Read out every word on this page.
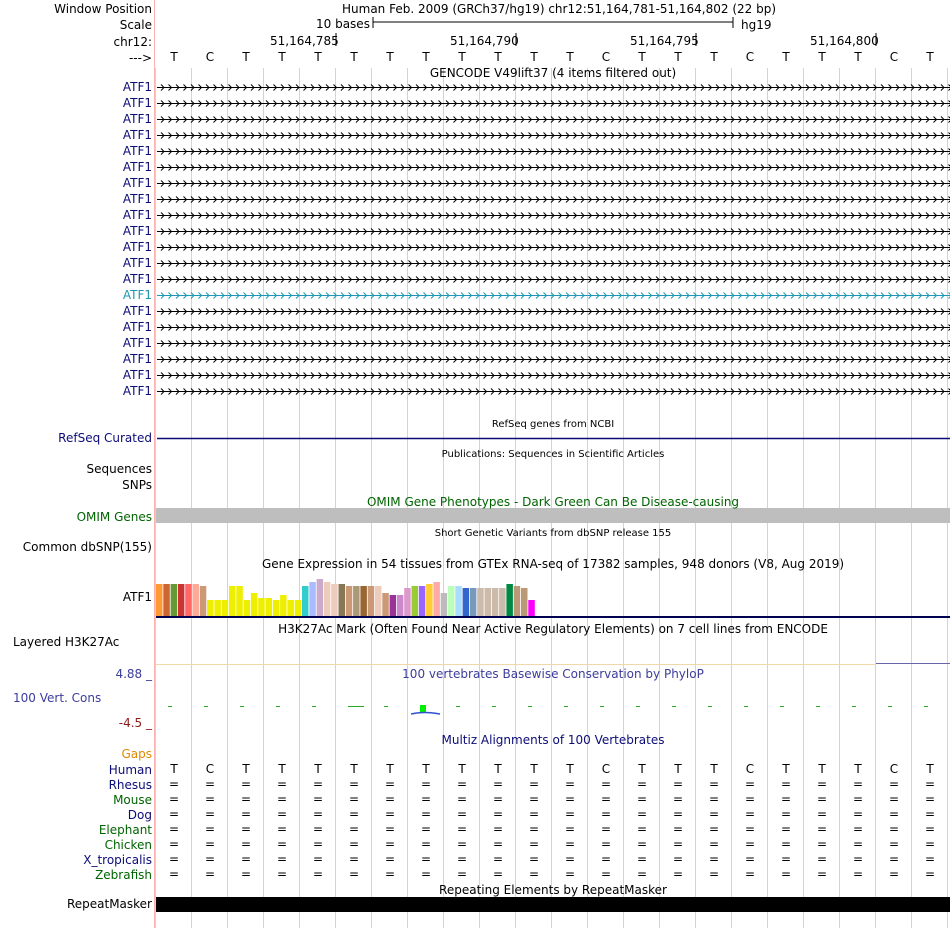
Window Position	Human Feb. 2009 (GRCh37/hg19) chr12:51,164,781-51,164,802 (22 bp)
Scale	10 bases	hg19
chr12:	51,164,785	51,164,790	51,164,795	51,164,800
--->
GENCODE V49lift37 (4 items filtered out)
RefSeq genes from NCBI
RefSeq Curated
Publications: Sequences in Scientific Articles
Sequences
SNPs
OMIM Gene Phenotypes - Dark Green Can Be Disease-causing
OMIM Genes
Short Genetic Variants from dbSNP release 155
Common dbSNP(155)
Gene Expression in 54 tissues from GTEx RNA-seq of 17382 samples, 948 donors (V8, Aug 2019)
ATF1
H3K27Ac Mark (Often Found Near Active Regulatory Elements) on 7 cell lines from ENCODE
Layered H3K27Ac
100 vertebrates Basewise Conservation by PhyloP
4.88 _
100 Vert. Cons
-4.5 _
Multiz Alignments of 100 Vertebrates
Gaps
Repeating Elements by RepeatMasker
RepeatMasker
T	C	T	T	T	T	T	T	T	T	T	T	C	T	T	T	C	T	T	T	C	T
ATF1
ATF1
ATF1
ATF1
ATF1
ATF1
ATF1
ATF1
ATF1
ATF1
ATF1
ATF1
ATF1
ATF1
ATF1
ATF1
ATF1
ATF1
ATF1
ATF1
Human	T	C	T	T	T	T	T	T	T	T	T	T	C	T	T	T	C	T	T	T	C	T
Rhesus	=	=	=	=	=	=	=	=	=	=	=	=	=	=	=	=	=	=	=	=	=	=
Mouse	=	=	=	=	=	=	=	=	=	=	=	=	=	=	=	=	=	=	=	=	=	=
Dog	=	=	=	=	=	=	=	=	=	=	=	=	=	=	=	=	=	=	=	=	=	=
Elephant	=	=	=	=	=	=	=	=	=	=	=	=	=	=	=	=	=	=	=	=	=	=
Chicken	=	=	=	=	=	=	=	=	=	=	=	=	=	=	=	=	=	=	=	=	=	=
X_tropicalis	=	=	=	=	=	=	=	=	=	=	=	=	=	=	=	=	=	=	=	=	=	=
Zebrafish	=	=	=	=	=	=	=	=	=	=	=	=	=	=	=	=	=	=	=	=	=	=
